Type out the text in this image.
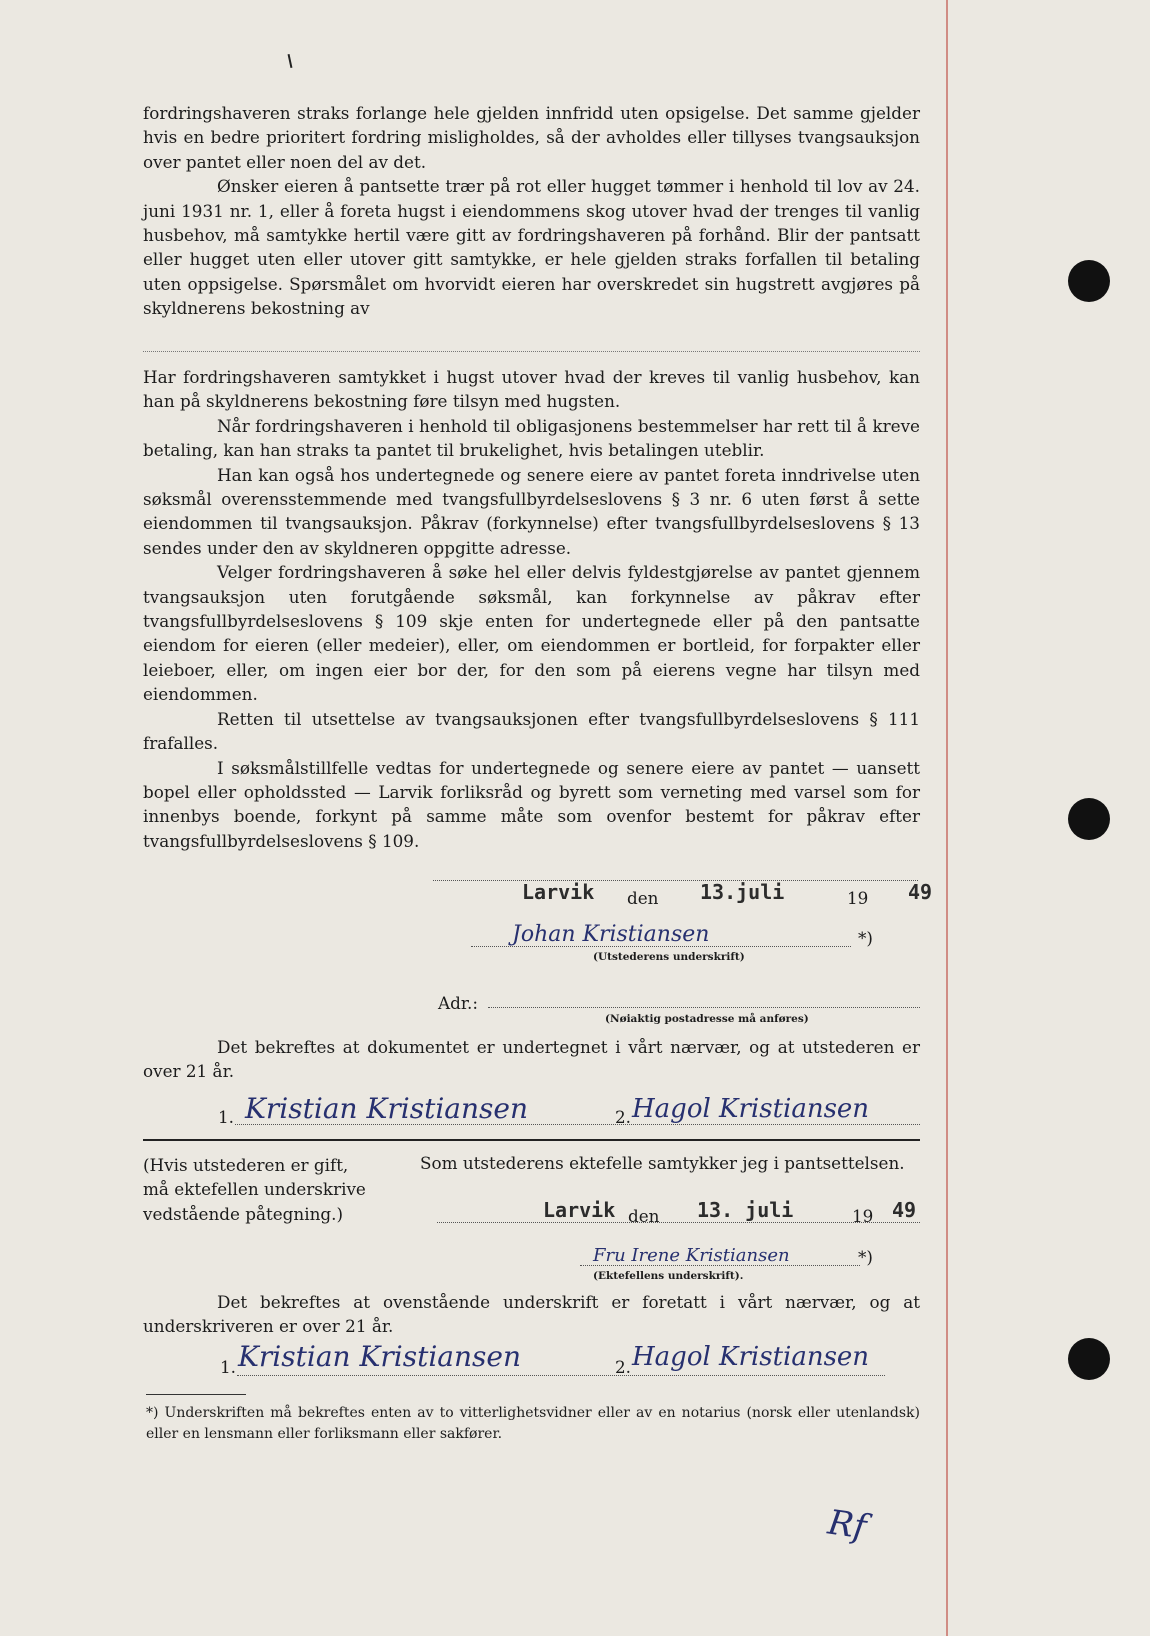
fordringshaveren straks forlange hele gjelden innfridd uten opsigelse. Det samme gjelder hvis en bedre prioritert fordring misligholdes, så der avholdes eller tillyses tvangsauksjon over pantet eller noen del av det.

Ønsker eieren å pantsette trær på rot eller hugget tømmer i henhold til lov av 24. juni 1931 nr. 1, eller å foreta hugst i eiendommens skog utover hvad der trenges til vanlig husbehov, må samtykke hertil være gitt av fordringshaveren på forhånd. Blir der pantsatt eller hugget uten eller utover gitt samtykke, er hele gjelden straks forfallen til betaling uten oppsigelse. Spørsmålet om hvorvidt eieren har overskredet sin hugstrett avgjøres på skyldnerens bekostning av

Har fordringshaveren samtykket i hugst utover hvad der kreves til vanlig husbehov, kan han på skyldnerens bekostning føre tilsyn med hugsten.

Når fordringshaveren i henhold til obligasjonens bestemmelser har rett til å kreve betaling, kan han straks ta pantet til brukelighet, hvis betalingen uteblir.

Han kan også hos undertegnede og senere eiere av pantet foreta inndrivelse uten søksmål overensstemmende med tvangsfullbyrdelseslovens § 3 nr. 6 uten først å sette eiendommen til tvangsauksjon. Påkrav (forkynnelse) efter tvangsfullbyrdelseslovens § 13 sendes under den av skyldneren oppgitte adresse.

Velger fordringshaveren å søke hel eller delvis fyldestgjørelse av pantet gjennem tvangsauksjon uten forutgående søksmål, kan forkynnelse av påkrav efter tvangsfullbyrdelseslovens § 109 skje enten for undertegnede eller på den pantsatte eiendom for eieren (eller medeier), eller, om eiendommen er bortleid, for forpakter eller leieboer, eller, om ingen eier bor der, for den som på eierens vegne har tilsyn med eiendommen.

Retten til utsettelse av tvangsauksjonen efter tvangsfullbyrdelseslovens § 111 frafalles.

I søksmålstillfelle vedtas for undertegnede og senere eiere av pantet — uansett bopel eller opholdssted — Larvik forliksråd og byrett som verneting med varsel som for innenbys boende, forkynt på samme måte som ovenfor bestemt for påkrav efter tvangsfullbyrdelseslovens § 109.

Larvik den 13.juli	19 49
Johan Kristiansen	*)
(Utstederens underskrift)
Adr.:
(Nøiaktig postadresse må anføres)
Det bekreftes at dokumentet er undertegnet i vårt nærvær, og at utstederen er over 21 år.
1. Kristian Kristiansen	2. Hagol Kristiansen

(Hvis utstederen er gift,

må ektefellen underskrive

vedstående påtegning.)

Som utstederens ektefelle samtykker jeg i pantsettelsen.
Larvik den 13. juli	19 49
Fru Irene Kristiansen	*)
(Ektefellens underskrift).
Det bekreftes at ovenstående underskrift er foretatt i vårt nærvær, og at underskriveren er over 21 år.
1. Kristian Kristiansen	2. Hagol Kristiansen
*) Underskriften må bekreftes enten av to vitterlighetsvidner eller av en notarius (norsk eller utenlandsk) eller en lensmann eller forliksmann eller sakfører.
Rf
